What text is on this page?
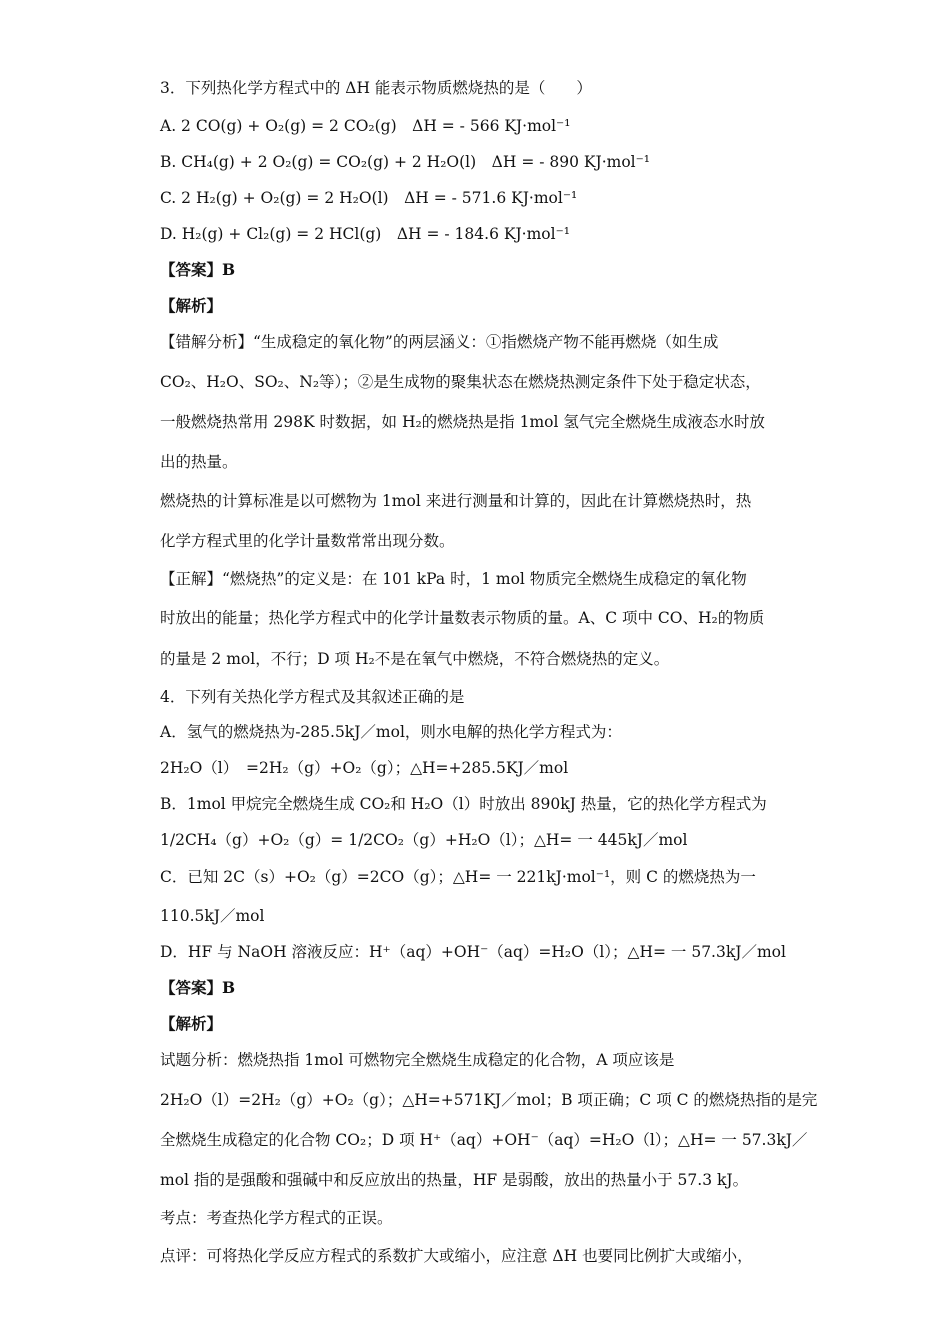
3．下列热化学方程式中的 ΔH 能表示物质燃烧热的是（　　）
A. 2 CO(g) + O₂(g) = 2 CO₂(g)　ΔH = - 566 KJ·mol⁻¹
B. CH₄(g) + 2 O₂(g) = CO₂(g) + 2 H₂O(l)　ΔH = - 890 KJ·mol⁻¹
C. 2 H₂(g) + O₂(g) = 2 H₂O(l)　ΔH = - 571.6 KJ·mol⁻¹
D. H₂(g) + Cl₂(g) = 2 HCl(g)　ΔH = - 184.6 KJ·mol⁻¹
【答案】B
【解析】
【错解分析】“生成稳定的氧化物”的两层涵义：①指燃烧产物不能再燃烧（如生成
CO₂、H₂O、SO₂、N₂等）；②是生成物的聚集状态在燃烧热测定条件下处于稳定状态，
一般燃烧热常用 298K 时数据，如 H₂的燃烧热是指 1mol 氢气完全燃烧生成液态水时放
出的热量。
燃烧热的计算标准是以可燃物为 1mol 来进行测量和计算的，因此在计算燃烧热时，热
化学方程式里的化学计量数常常出现分数。
【正解】“燃烧热”的定义是：在 101 kPa 时，1 mol 物质完全燃烧生成稳定的氧化物
时放出的能量；热化学方程式中的化学计量数表示物质的量。A、C 项中 CO、H₂的物质
的量是 2 mol，不行；D 项 H₂不是在氧气中燃烧，不符合燃烧热的定义。
4．下列有关热化学方程式及其叙述正确的是
A．氢气的燃烧热为-285.5kJ／mol，则水电解的热化学方程式为：
2H₂O（l）　=2H₂（g）+O₂（g）；△H=+285.5KJ／mol
B．1mol 甲烷完全燃烧生成 CO₂和 H₂O（l）时放出 890kJ 热量，它的热化学方程式为
1/2CH₄（g）+O₂（g）= 1/2CO₂（g）+H₂O（l）；△H= 一 445kJ／mol
C．已知 2C（s）+O₂（g）=2CO（g）；△H= 一 221kJ·mol⁻¹，则 C 的燃烧热为一
110.5kJ／mol
D．HF 与 NaOH 溶液反应：H⁺（aq）+OH⁻（aq）=H₂O（l）；△H= 一 57.3kJ／mol
【答案】B
【解析】
试题分析：燃烧热指 1mol 可燃物完全燃烧生成稳定的化合物，A 项应该是
2H₂O（l）=2H₂（g）+O₂（g）；△H=+571KJ／mol；B 项正确；C 项 C 的燃烧热指的是完
全燃烧生成稳定的化合物 CO₂；D 项 H⁺（aq）+OH⁻（aq）=H₂O（l）；△H= 一 57.3kJ／
mol 指的是强酸和强碱中和反应放出的热量，HF 是弱酸，放出的热量小于 57.3 kJ。
考点：考查热化学方程式的正误。
点评：可将热化学反应方程式的系数扩大或缩小，应注意 ΔH 也要同比例扩大或缩小，
